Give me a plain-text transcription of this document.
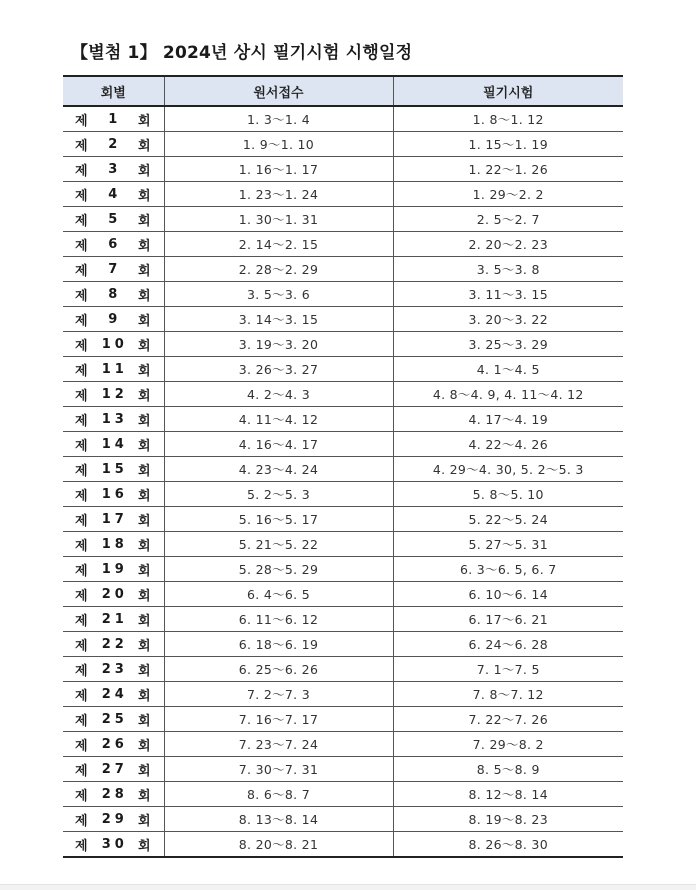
【별첨 1】 2024년 상시 필기시험 시행일정
회별	원서접수	필기시험

제 1 회	1. 3～1. 4	1. 8～1. 12

제 2 회	1. 9～1. 10	1. 15～1. 19

제 3 회	1. 16～1. 17	1. 22～1. 26

제 4 회	1. 23～1. 24	1. 29～2. 2

제 5 회	1. 30～1. 31	2. 5～2. 7

제 6 회	2. 14～2. 15	2. 20～2. 23

제 7 회	2. 28～2. 29	3. 5～3. 8

제 8 회	3. 5～3. 6	3. 11～3. 15

제 9 회	3. 14～3. 15	3. 20～3. 22

제 10 회	3. 19～3. 20	3. 25～3. 29

제 11 회	3. 26～3. 27	4. 1～4. 5

제 12 회	4. 2～4. 3	4. 8～4. 9, 4. 11～4. 12

제 13 회	4. 11～4. 12	4. 17～4. 19

제 14 회	4. 16～4. 17	4. 22～4. 26

제 15 회	4. 23～4. 24	4. 29～4. 30, 5. 2～5. 3

제 16 회	5. 2～5. 3	5. 8～5. 10

제 17 회	5. 16～5. 17	5. 22～5. 24

제 18 회	5. 21～5. 22	5. 27～5. 31

제 19 회	5. 28～5. 29	6. 3～6. 5, 6. 7

제 20 회	6. 4～6. 5	6. 10～6. 14

제 21 회	6. 11～6. 12	6. 17～6. 21

제 22 회	6. 18～6. 19	6. 24～6. 28

제 23 회	6. 25～6. 26	7. 1～7. 5

제 24 회	7. 2～7. 3	7. 8～7. 12

제 25 회	7. 16～7. 17	7. 22～7. 26

제 26 회	7. 23～7. 24	7. 29～8. 2

제 27 회	7. 30～7. 31	8. 5～8. 9

제 28 회	8. 6～8. 7	8. 12～8. 14

제 29 회	8. 13～8. 14	8. 19～8. 23

제 30 회	8. 20～8. 21	8. 26～8. 30
